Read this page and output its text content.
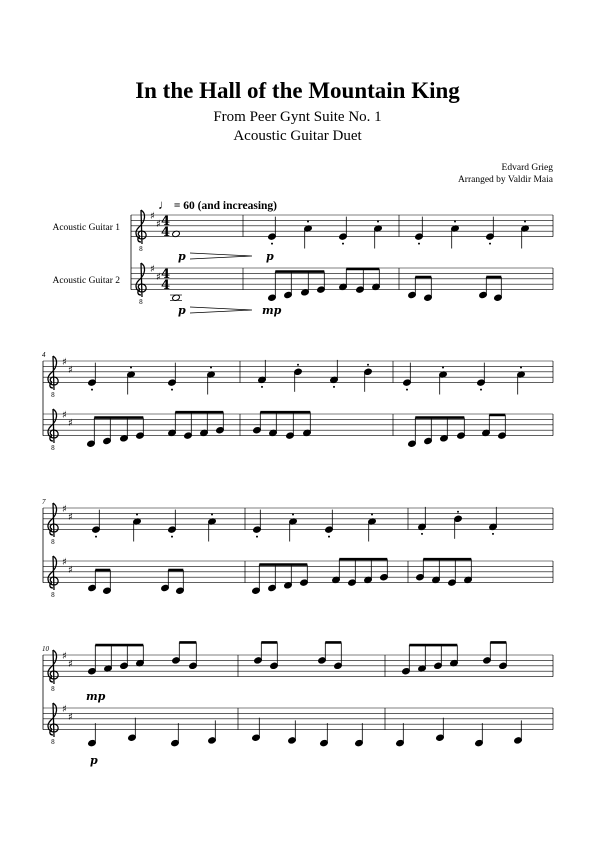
In the Hall of the Mountain King
From Peer Gynt Suite No. 1
Acoustic Guitar Duet
Edvard Grieg
Arranged by Valdir Maia
♩ = 60 (and increasing)
Acoustic Guitar 1
Acoustic Guitar 2
8
♯
♯ 4
4
8
♯
♯ 4
4
8
♯
♯
8
♯
♯
8
♯
♯
8
♯
♯
8
♯
♯
8
♯
♯
p	p
p	mp
mp
p
4
7
10
